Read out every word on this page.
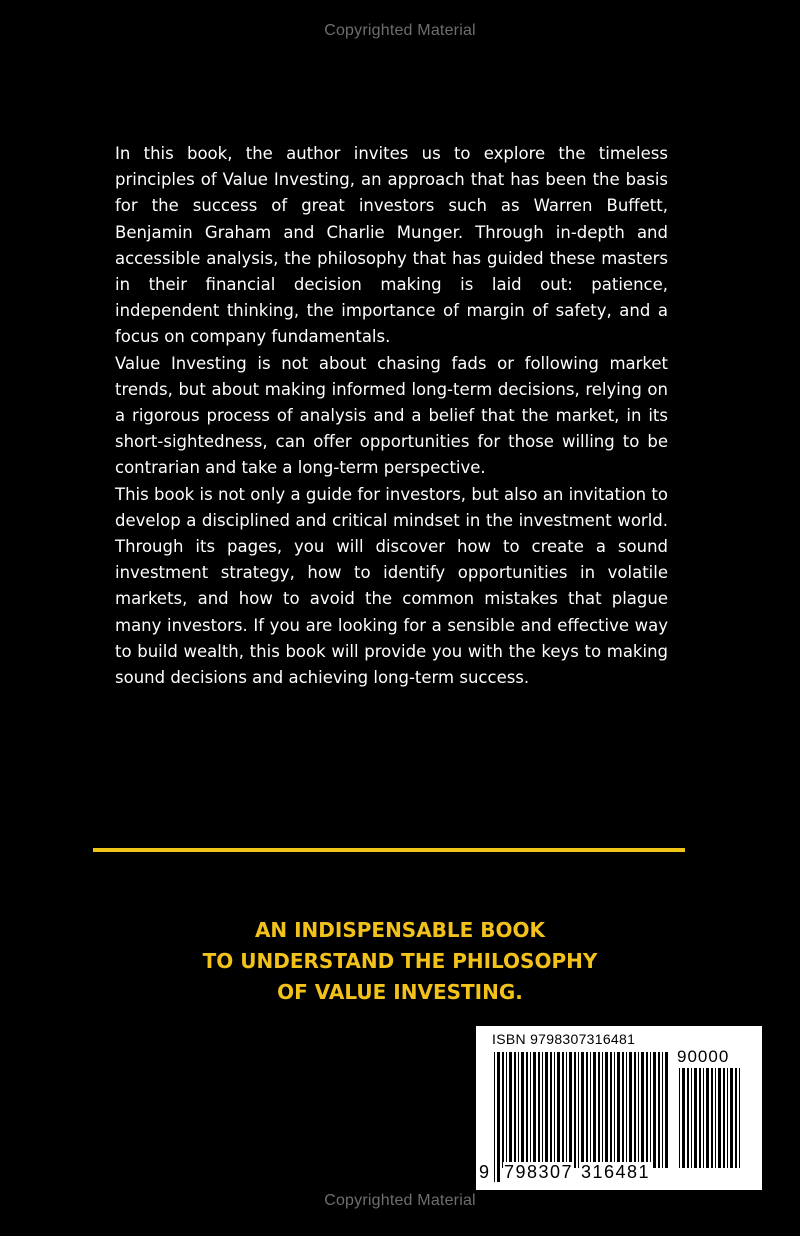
Copyrighted Material

In this book, the author invites us to explore the timeless principles of Value Investing, an approach that has been the basis for the success of great investors such as Warren Buffett, Benjamin Graham and Charlie Munger. Through in-depth and accessible analysis, the philosophy that has guided these masters in their financial decision making is laid out: patience, independent thinking, the importance of margin of safety, and a focus on company fundamentals.

Value Investing is not about chasing fads or following market trends, but about making informed long-term decisions, relying on a rigorous process of analysis and a belief that the market, in its short-sightedness, can offer opportunities for those willing to be contrarian and take a long-term perspective.

This book is not only a guide for investors, but also an invitation to develop a disciplined and critical mindset in the investment world. Through its pages, you will discover how to create a sound investment strategy, how to identify opportunities in volatile markets, and how to avoid the common mistakes that plague many investors. If you are looking for a sensible and effective way to build wealth, this book will provide you with the keys to making sound decisions and achieving long-term success.

AN INDISPENSABLE BOOK
TO UNDERSTAND THE PHILOSOPHY
OF VALUE INVESTING.
ISBN 9798307316481
90000
9 798307 316481
Copyrighted Material
